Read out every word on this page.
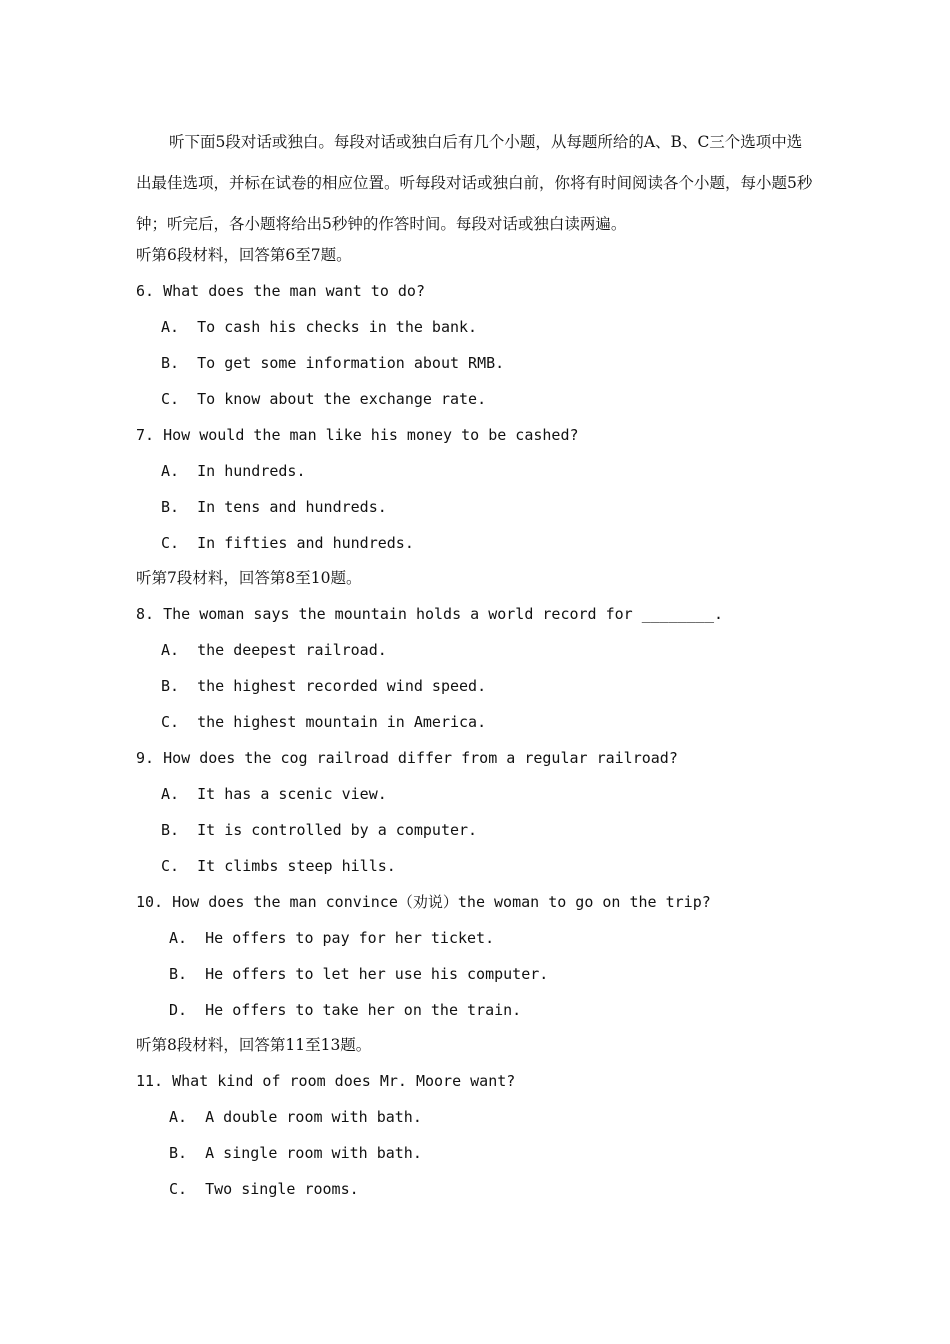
听下面5段对话或独白。每段对话或独白后有几个小题，从每题所给的A、B、C三个选项中选出最佳选项，并标在试卷的相应位置。听每段对话或独白前，你将有时间阅读各个小题，每小题5秒钟；听完后，各小题将给出5秒钟的作答时间。每段对话或独白读两遍。

听第6段材料，回答第6至7题。
6. What does the man want to do?
A.  To cash his checks in the bank.
B.  To get some information about RMB.
C.  To know about the exchange rate.
7. How would the man like his money to be cashed?
A.  In hundreds.
B.  In tens and hundreds.
C.  In fifties and hundreds.
听第7段材料，回答第8至10题。
8. The woman says the mountain holds a world record for ________.
A.  the deepest railroad.
B.  the highest recorded wind speed.
C.  the highest mountain in America.
9. How does the cog railroad differ from a regular railroad?
A.  It has a scenic view.
B.  It is controlled by a computer.
C.  It climbs steep hills.
10. How does the man convince（劝说）the woman to go on the trip?
A.  He offers to pay for her ticket.
B.  He offers to let her use his computer.
D.  He offers to take her on the train.
听第8段材料，回答第11至13题。
11. What kind of room does Mr. Moore want?
A.  A double room with bath.
B.  A single room with bath.
C.  Two single rooms.
